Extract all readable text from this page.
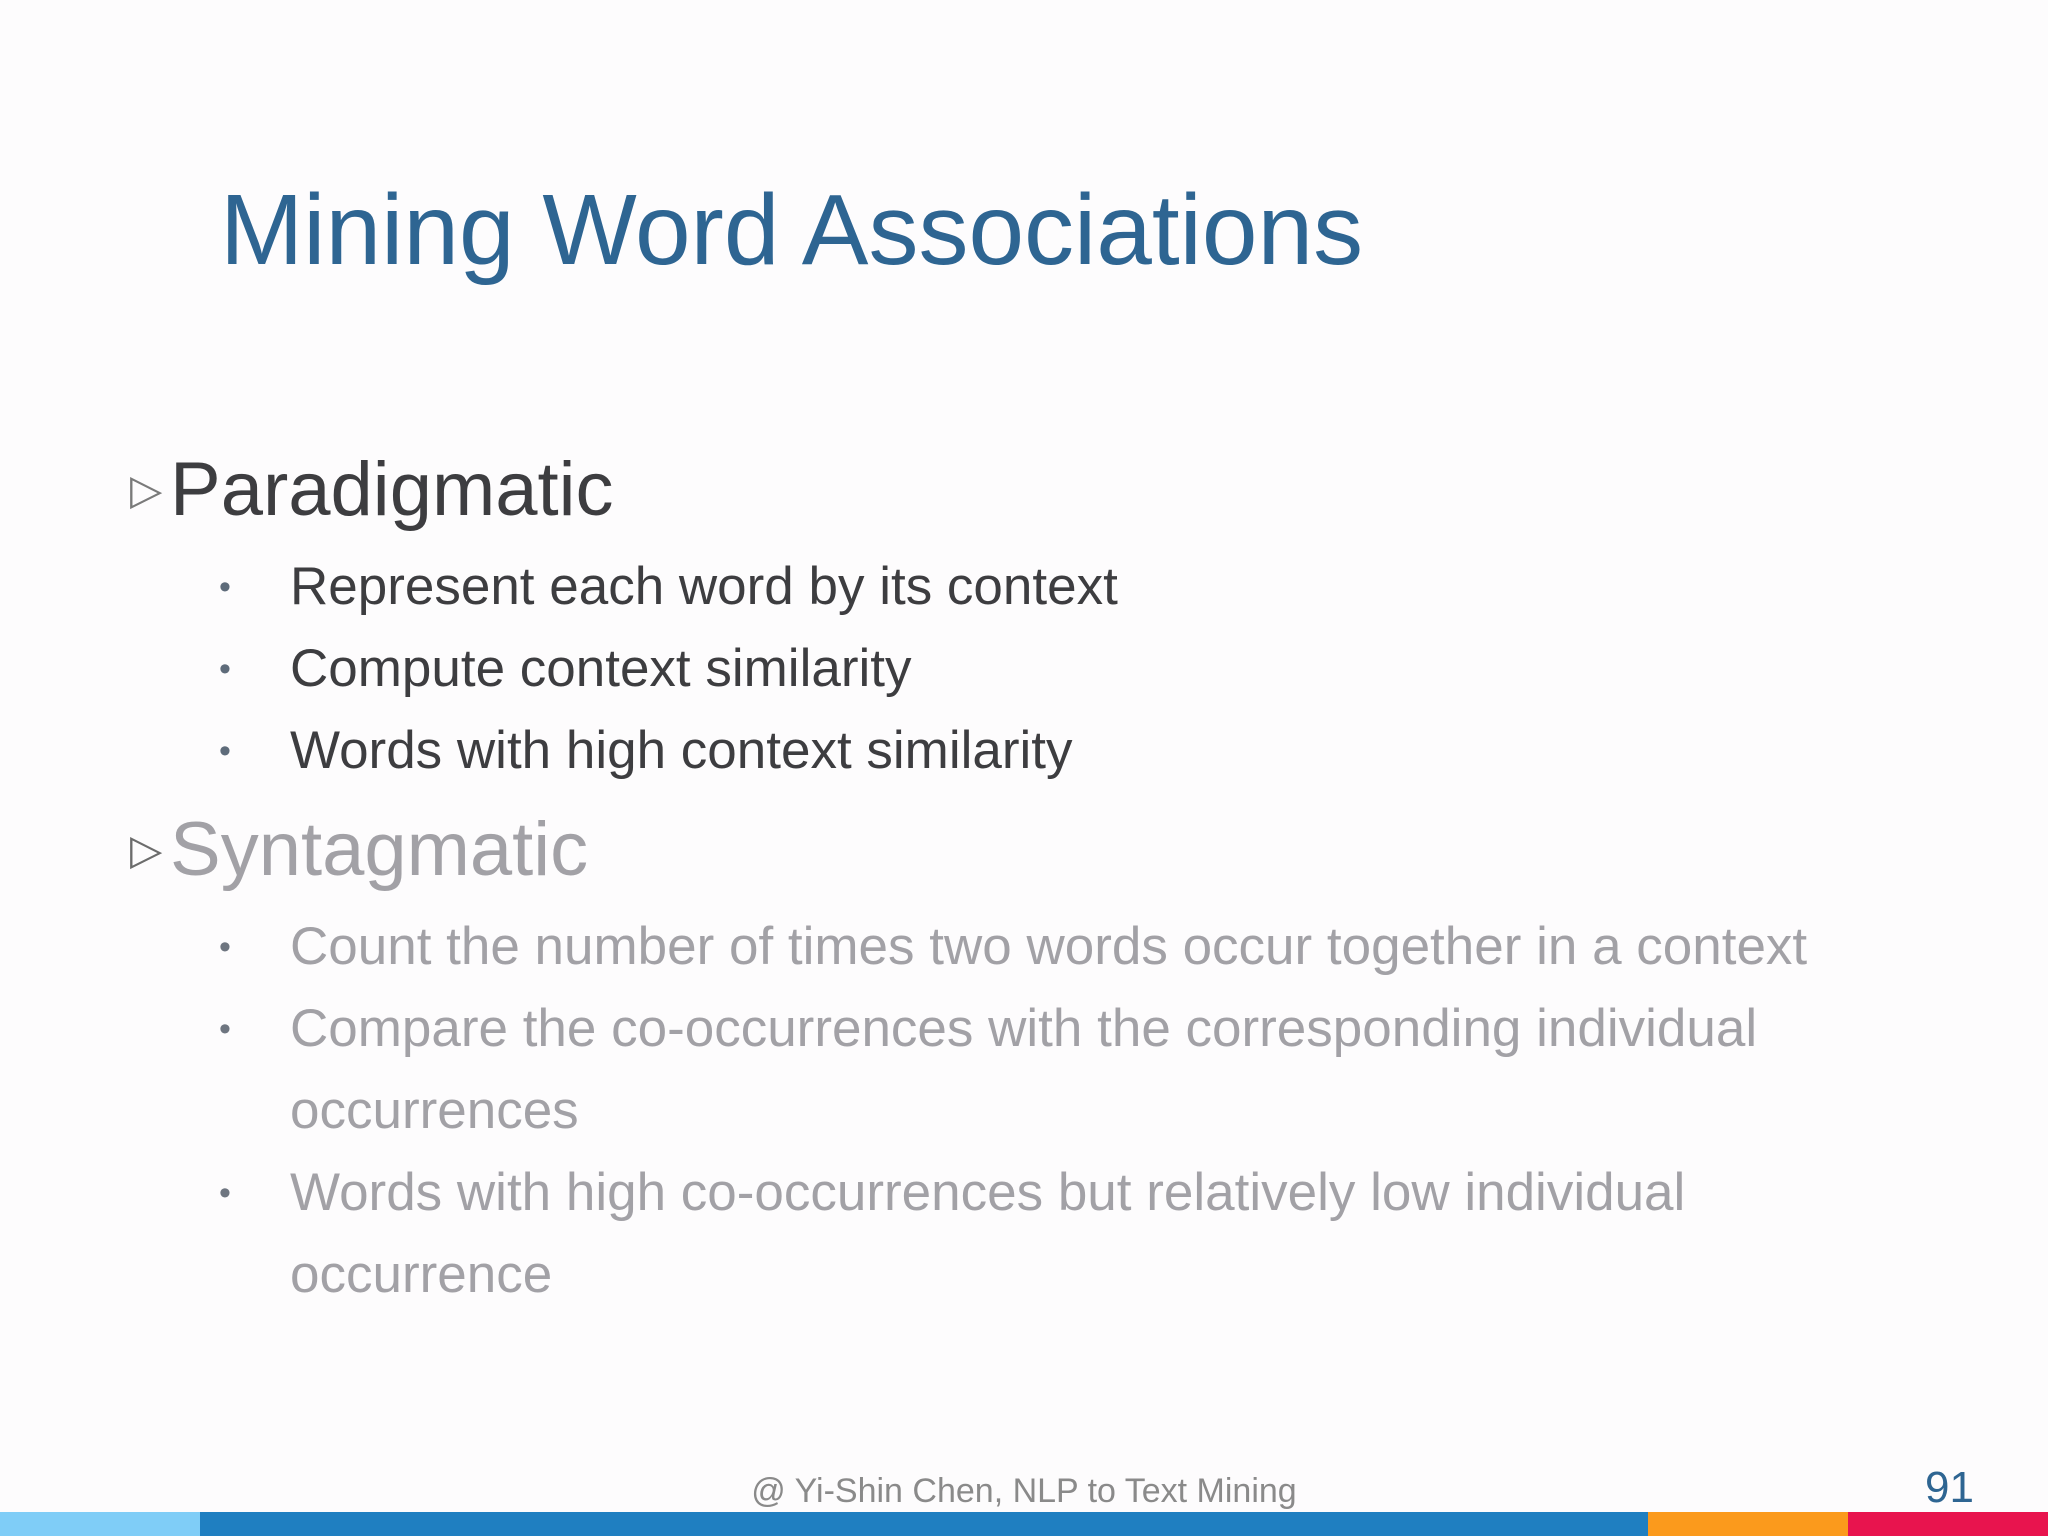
Mining Word Associations
▷ Paradigmatic
• Represent each word by its context
• Compute context similarity
• Words with high context similarity
▷ Syntagmatic
• Count the number of times two words occur together in a context
• Compare the co-occurrences with the corresponding individual occurrences
• Words with high co-occurrences but relatively low individual occurrence
@ Yi-Shin Chen, NLP to Text Mining	91
